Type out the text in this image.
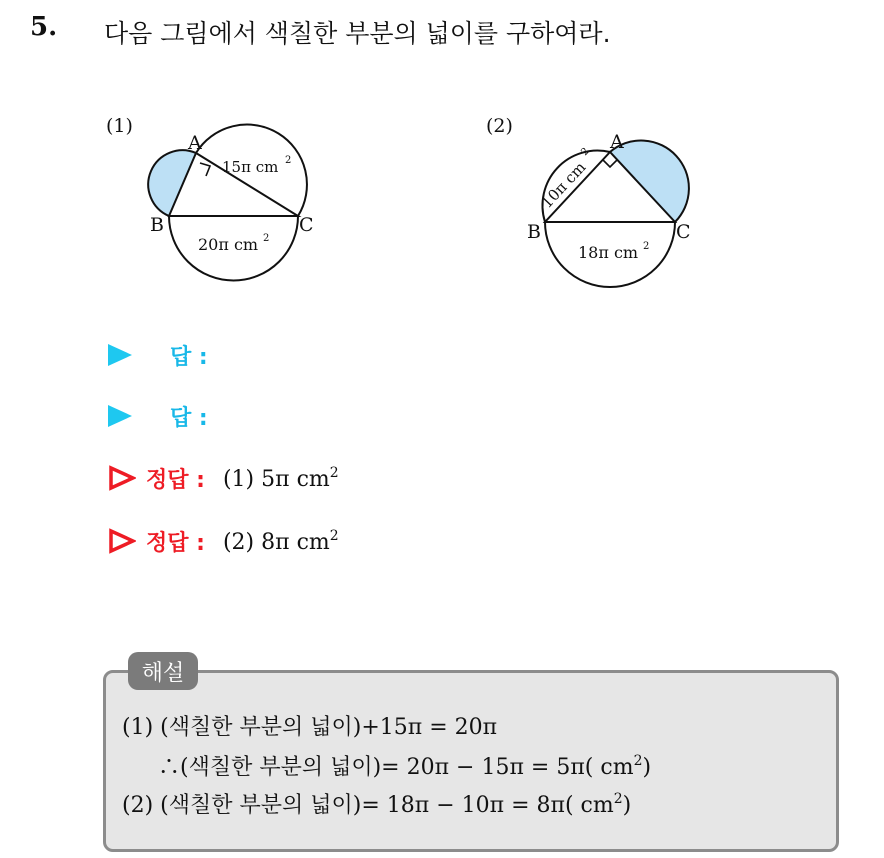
5. 다음 그림에서 색칠한 부분의 넓이를 구하여라.
(1)
A
B	C
15π cm 2
20π cm 2
(2)
A
B	C
10π cm
2
18π cm 2
답 :
답 :
정답 : (1) 5π $cm^2$
정답 : (2) 8π $cm^2$
해설
(1) (색칠한 부분의 넓이)+15π = 20π
∴(색칠한 부분의 넓이)= 20π − 15π = 5π( $cm^2$)
(2) (색칠한 부분의 넓이)= 18π − 10π = 8π( $cm^2$)
